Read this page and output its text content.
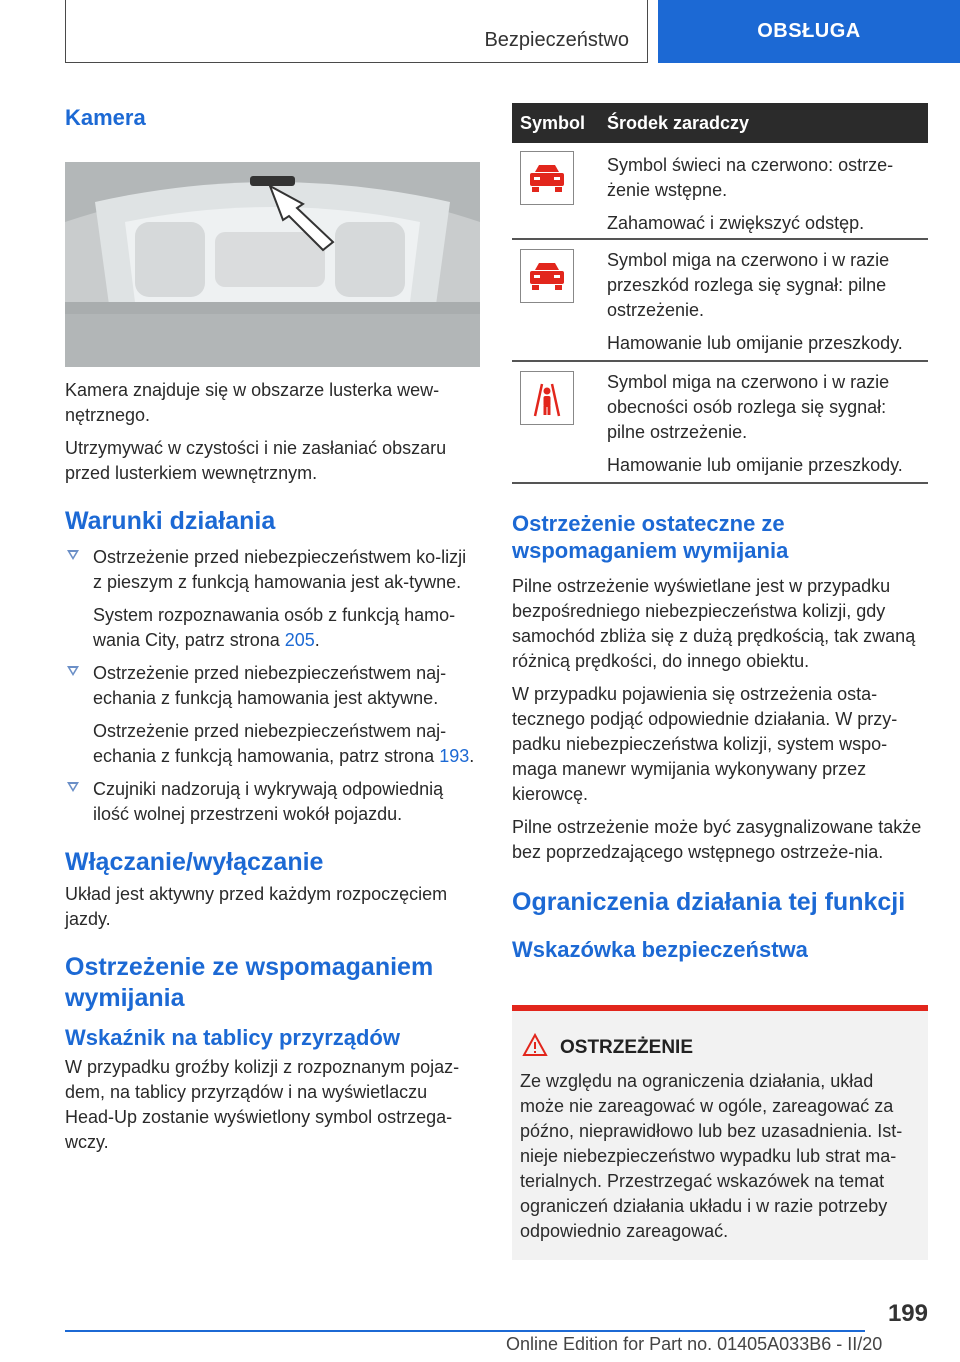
Bezpieczeństwo	OBSŁUGA
Kamera

Kamera znajduje się w obszarze lusterka wew-nętrznego.

Utrzymywać w czystości i nie zasłaniać obszaru przed lusterkiem wewnętrznym.

Warunki działania
Ostrzeżenie przed niebezpieczeństwem ko-lizji z pieszym z funkcją hamowania jest ak-tywne.
System rozpoznawania osób z funkcją hamo-wania City, patrz strona 205.
Ostrzeżenie przed niebezpieczeństwem naj-echania z funkcją hamowania jest aktywne.
Ostrzeżenie przed niebezpieczeństwem naj-echania z funkcją hamowania, patrz strona 193.
Czujniki nadzorują i wykrywają odpowiednią ilość wolnej przestrzeni wokół pojazdu.
Włączanie/wyłączanie

Układ jest aktywny przed każdym rozpoczęciem jazdy.

Ostrzeżenie ze wspomaganiem wymijania
Wskaźnik na tablicy przyrządów

W przypadku groźby kolizji z rozpoznanym pojaz-dem, na tablicy przyrządów i na wyświetlaczu Head-Up zostanie wyświetlony symbol ostrzega-wczy.

Symbol Środek zaradczy
Symbol świeci na czerwono: ostrze-żenie wstępne.
Zahamować i zwiększyć odstęp.
Symbol miga na czerwono i w razie przeszkód rozlega się sygnał: pilne ostrzeżenie.
Hamowanie lub omijanie przeszkody.
Symbol miga na czerwono i w razie obecności osób rozlega się sygnał: pilne ostrzeżenie.
Hamowanie lub omijanie przeszkody.
Ostrzeżenie ostateczne ze wspomaganiem wymijania

Pilne ostrzeżenie wyświetlane jest w przypadku bezpośredniego niebezpieczeństwa kolizji, gdy samochód zbliża się z dużą prędkością, tak zwaną różnicą prędkości, do innego obiektu.

W przypadku pojawienia się ostrzeżenia osta-tecznego podjąć odpowiednie działania. W przy-padku niebezpieczeństwa kolizji, system wspo-maga manewr wymijania wykonywany przez kierowcę.

Pilne ostrzeżenie może być zasygnalizowane także bez poprzedzającego wstępnego ostrzeże-nia.

Ograniczenia działania tej funkcji
Wskazówka bezpieczeństwa
OSTRZEŻENIE
Ze względu na ograniczenia działania, układ może nie zareagować w ogóle, zareagować za późno, nieprawidłowo lub bez uzasadnienia. Ist-nieje niebezpieczeństwo wypadku lub strat ma-terialnych. Przestrzegać wskazówek na temat ograniczeń działania układu i w razie potrzeby odpowiednio zareagować.
199
Online Edition for Part no. 01405A033B6 - II/20
